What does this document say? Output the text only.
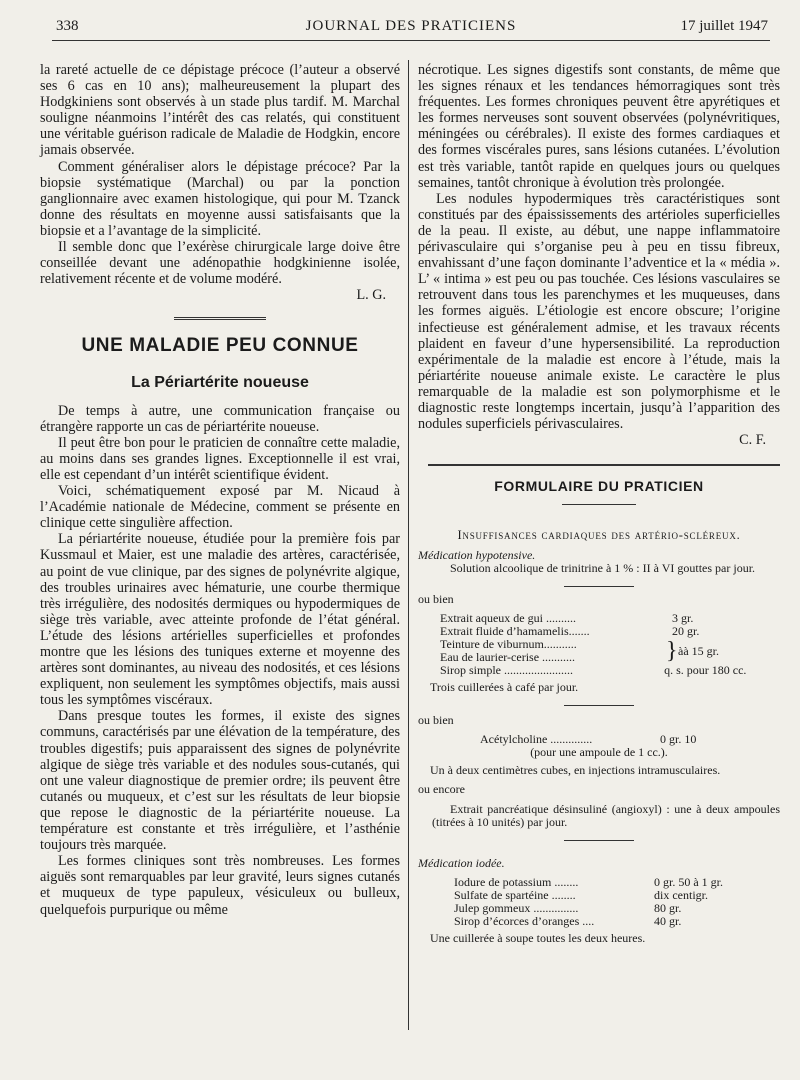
338	JOURNAL DES PRATICIENS	17 juillet 1947

la rareté actuelle de ce dépistage précoce (l’auteur a observé ses 6 cas en 10 ans); malheureusement la plupart des Hodgkiniens sont observés à un stade plus tardif. M. Marchal souligne néanmoins l’intérêt des cas relatés, qui constituent une véritable guérison radicale de Maladie de Hodgkin, encore jamais observée.

Comment généraliser alors le dépistage précoce? Par la biopsie systématique (Marchal) ou par la ponction ganglionnaire avec examen histologique, qui pour M. Tzanck donne des résultats en moyenne aussi satisfaisants que la biopsie et a l’avantage de la simplicité.

Il semble donc que l’exérèse chirurgicale large doive être conseillée devant une adénopathie hodgkinienne isolée, relativement récente et de volume modéré.

L. G.

UNE MALADIE PEU CONNUE
La Périartérite noueuse

De temps à autre, une communication française ou étrangère rapporte un cas de périartérite noueuse.

Il peut être bon pour le praticien de connaître cette maladie, au moins dans ses grandes lignes. Exceptionnelle il est vrai, elle est cependant d’un intérêt scientifique évident.

Voici, schématiquement exposé par M. Nicaud à l’Académie nationale de Médecine, comment se présente en clinique cette singulière affection.

La périartérite noueuse, étudiée pour la première fois par Kussmaul et Maier, est une maladie des artères, caractérisée, au point de vue clinique, par des signes de polynévrite algique, des troubles urinaires avec hématurie, une courbe thermique très irrégulière, des nodosités dermiques ou hypodermiques de siège très variable, avec atteinte profonde de l’état général. L’étude des lésions artérielles superficielles et profondes montre que les lésions des tuniques externe et moyenne des artères sont dominantes, au niveau des nodosités, et ces lésions expliquent, non seulement les symptômes objectifs, mais aussi tous les symptômes viscéraux.

Dans presque toutes les formes, il existe des signes communs, caractérisés par une élévation de la température, des troubles digestifs; puis apparaissent des signes de polynévrite algique de siège très variable et des nodules sous-cutanés, qui ont une valeur diagnostique de premier ordre; ils peuvent être cutanés ou muqueux, et c’est sur les résultats de leur biopsie que repose le diagnostic de la périartérite noueuse. La température est constante et très irrégulière, et l’asthénie toujours très marquée.

Les formes cliniques sont très nombreuses. Les formes aiguës sont remarquables par leur gravité, leurs signes cutanés et muqueux de type papuleux, vésiculeux ou bulleux, quelquefois purpurique ou même

nécrotique. Les signes digestifs sont constants, de même que les signes rénaux et les tendances hémorragiques sont très fréquentes. Les formes chroniques peuvent être apyrétiques et les formes nerveuses sont souvent observées (polynévritiques, méningées ou cérébrales). Il existe des formes cardiaques et des formes viscérales pures, sans lésions cutanées. L’évolution est très variable, tantôt rapide en quelques jours ou quelques semaines, tantôt chronique à évolution très prolongée.

Les nodules hypodermiques très caractéristiques sont constitués par des épaississements des artérioles superficielles de la peau. Il existe, au début, une nappe inflammatoire périvasculaire qui s’organise peu à peu en tissu fibreux, envahissant d’une façon dominante l’adventice et la « média ». L’ « intima » est peu ou pas touchée. Ces lésions vasculaires se retrouvent dans tous les parenchymes et les muqueuses, dans les formes aiguës. L’étiologie est encore obscure; l’origine infectieuse est généralement admise, et les travaux récents plaident en faveur d’une hypersensibilité. La reproduction expérimentale de la maladie est encore à l’étude, mais la périartérite noueuse animale existe. Le caractère le plus remarquable de la maladie est son polymorphisme et le diagnostic reste longtemps incertain, jusqu’à l’apparition des nodules superficiels périvasculaires.

C. F.

FORMULAIRE DU PRATICIEN
Insuffisances cardiaques des artério-scléreux.
Médication hypotensive.

Solution alcoolique de trinitrine à 1 % : II à VI gouttes par jour.

ou bien

Extrait aqueux de gui ..........	3 gr.
Extrait fluide d’hamamelis.......	20 gr.
Teinture de viburnum...........
Eau de laurier-cerise ...........	} àà 15 gr.
Sirop simple .......................	q. s. pour 180 cc.

Trois cuillerées à café par jour.

ou bien

Acétylcholine ..............	0 gr. 10

(pour une ampoule de 1 cc.).

Un à deux centimètres cubes, en injections intramusculaires.

ou encore

Extrait pancréatique désinsuliné (angioxyl) : une à deux ampoules (titrées à 10 unités) par jour.

Médication iodée.
Iodure de potassium ........	0 gr. 50 à 1 gr.
Sulfate de spartéine ........	dix centigr.
Julep gommeux ...............	80 gr.
Sirop d’écorces d’oranges ....	40 gr.

Une cuillerée à soupe toutes les deux heures.
